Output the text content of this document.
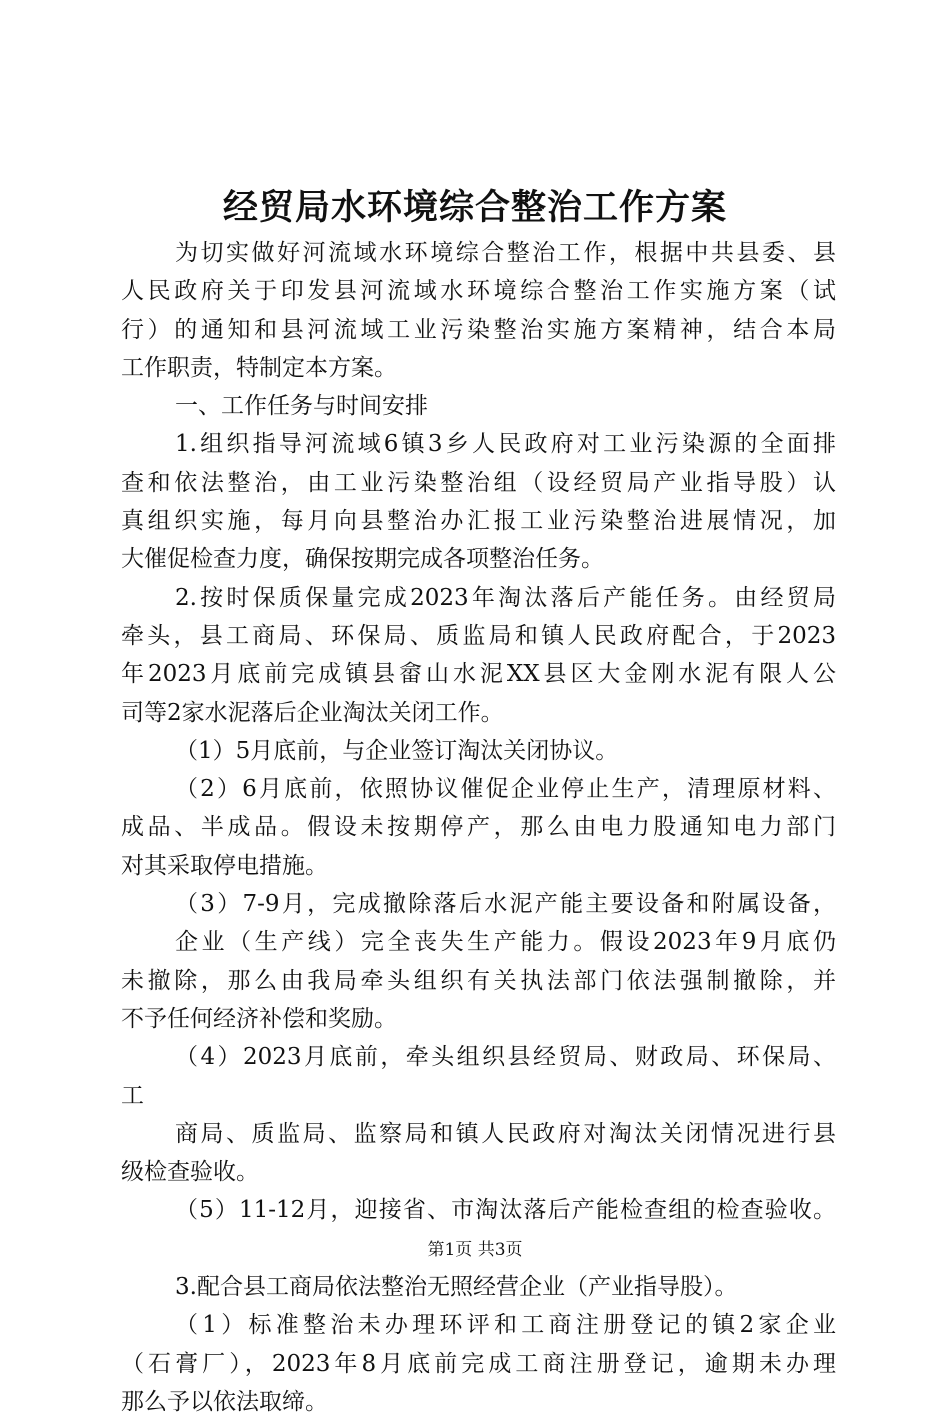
经贸局水环境综合整治工作方案
为切实做好河流域水环境综合整治工作，根据中共县委、县
人民政府关于印发县河流域水环境综合整治工作实施方案（试
行）的通知和县河流域工业污染整治实施方案精神，结合本局
工作职责，特制定本方案。
一、工作任务与时间安排
1.组织指导河流域6镇3乡人民政府对工业污染源的全面排
查和依法整治，由工业污染整治组（设经贸局产业指导股）认
真组织实施，每月向县整治办汇报工业污染整治进展情况，加
大催促检查力度，确保按期完成各项整治任务。
2.按时保质保量完成2023年淘汰落后产能任务。由经贸局
牵头，县工商局、环保局、质监局和镇人民政府配合，于2023
年2023月底前完成镇县畲山水泥XX县区大金刚水泥有限人公
司等2家水泥落后企业淘汰关闭工作。
（1）5月底前，与企业签订淘汰关闭协议。
（2）6月底前，依照协议催促企业停止生产，清理原材料、
成品、半成品。假设未按期停产，那么由电力股通知电力部门
对其采取停电措施。
（3）7-9月，完成撤除落后水泥产能主要设备和附属设备，
企业（生产线）完全丧失生产能力。假设2023年9月底仍
未撤除，那么由我局牵头组织有关执法部门依法强制撤除，并
不予任何经济补偿和奖励。
（4）2023月底前，牵头组织县经贸局、财政局、环保局、
工
商局、质监局、监察局和镇人民政府对淘汰关闭情况进行县
级检查验收。
（5）11-12月，迎接省、市淘汰落后产能检查组的检查验收。
3.配合县工商局依法整治无照经营企业（产业指导股）。
（1）标准整治未办理环评和工商注册登记的镇2家企业
（石膏厂），2023年8月底前完成工商注册登记，逾期未办理
那么予以依法取缔。
第1页 共3页
